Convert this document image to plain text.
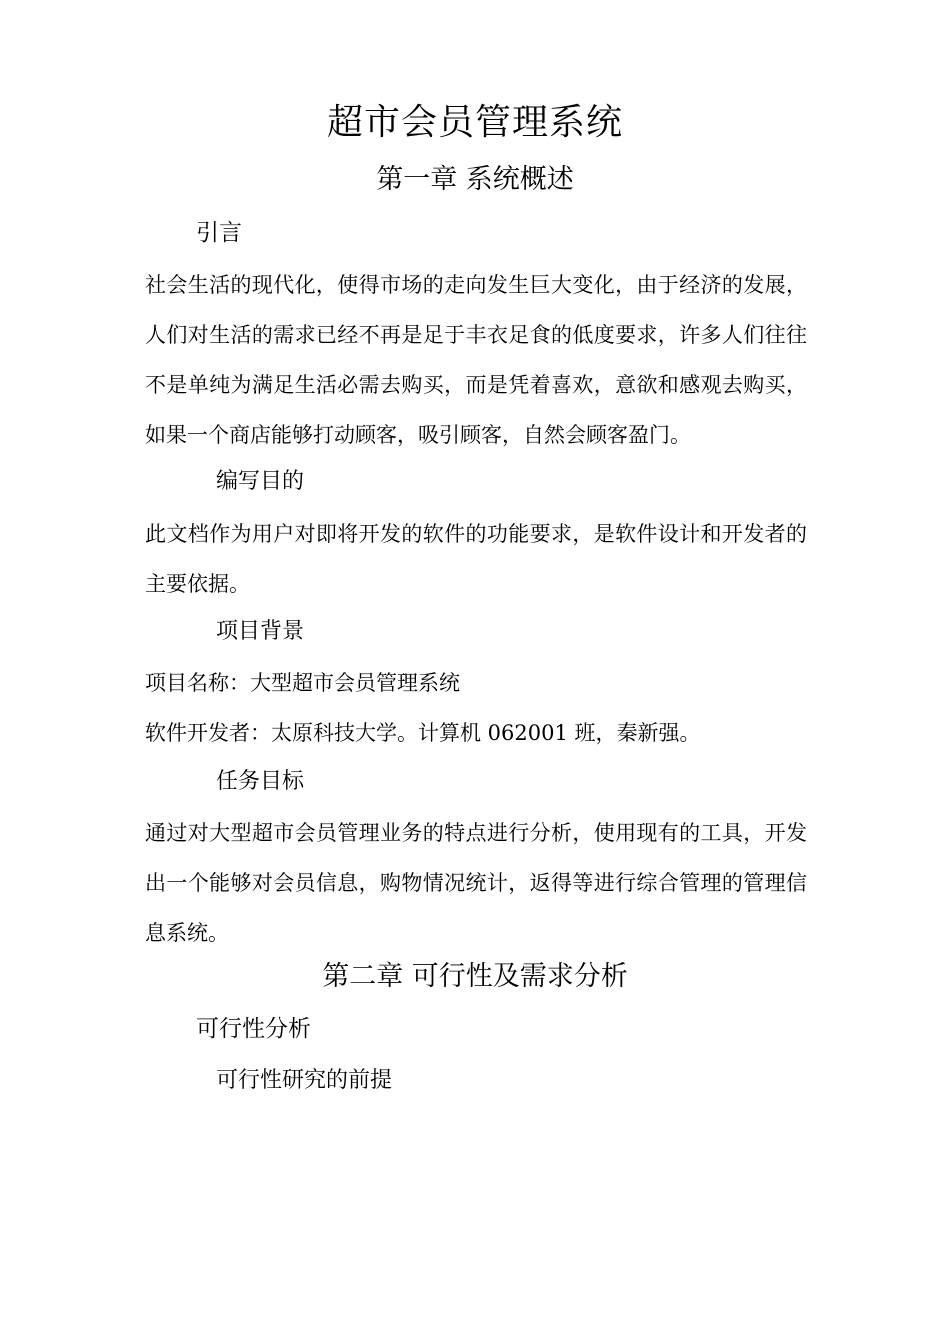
超市会员管理系统
第一章 系统概述
引言
社会生活的现代化，使得市场的走向发生巨大变化，由于经济的发展，人们对生活的需求已经不再是足于丰衣足食的低度要求，许多人们往往不是单纯为满足生活必需去购买，而是凭着喜欢，意欲和感观去购买，如果一个商店能够打动顾客，吸引顾客，自然会顾客盈门。
编写目的
此文档作为用户对即将开发的软件的功能要求，是软件设计和开发者的主要依据。
项目背景
项目名称：大型超市会员管理系统
软件开发者：太原科技大学。计算机 062001 班，秦新强。
任务目标
通过对大型超市会员管理业务的特点进行分析，使用现有的工具，开发出一个能够对会员信息，购物情况统计，返得等进行综合管理的管理信息系统。
第二章 可行性及需求分析
可行性分析
可行性研究的前提
